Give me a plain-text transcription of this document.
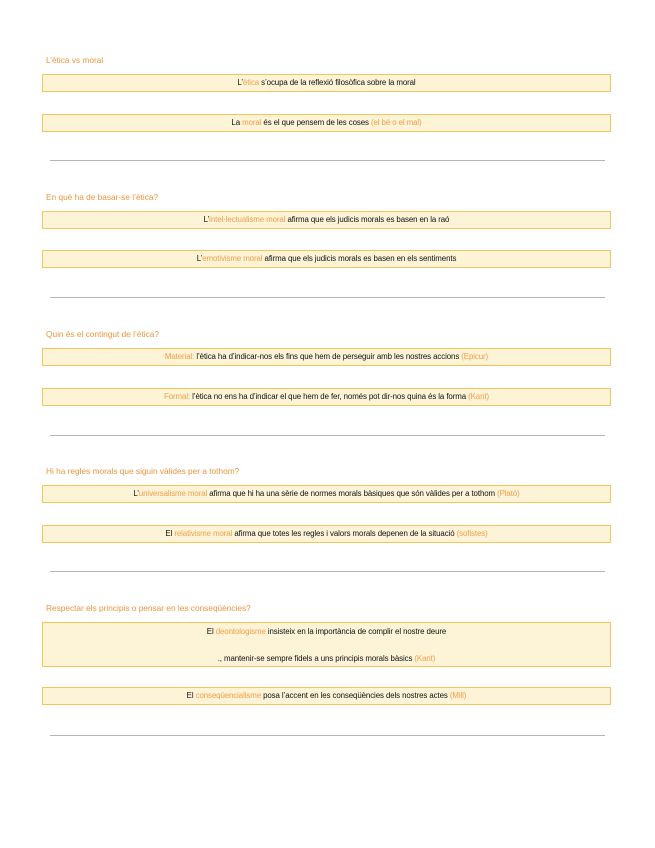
L’ètica vs moral
L’ètica s’ocupa de la reflexió filosòfica sobre la moral
La moral és el que pensem de les coses (el bé o el mal)
En què ha de basar-se l’ètica?
L’intel·lectualisme moral afirma que els judicis morals es basen en la raó
L’emotivisme moral afirma que els judicis morals es basen en els sentiments
Quin és el contingut de l’ètica?
Material: l’ètica ha d’indicar-nos els fins que hem de perseguir amb les nostres accions (Epicur)
Formal: l’ètica no ens ha d’indicar el que hem de fer, només pot dir-nos quina és la forma (Kant)
Hi ha regles morals que siguin vàlides per a tothom?
L’universalisme moral afirma que hi ha una sèrie de normes morals bàsiques que són vàlides per a tothom (Plató)
El relativisme moral afirma que totes les regles i valors morals depenen de la situació (sofistes)
Respectar els principis o pensar en les conseqüències?
El deontologisme insisteix en la importància de complir el nostre deure
., mantenir-se sempre fidels a uns principis morals bàsics (Kant)
El conseqüencialisme posa l’accent en les conseqüències dels nostres actes (Mill)
